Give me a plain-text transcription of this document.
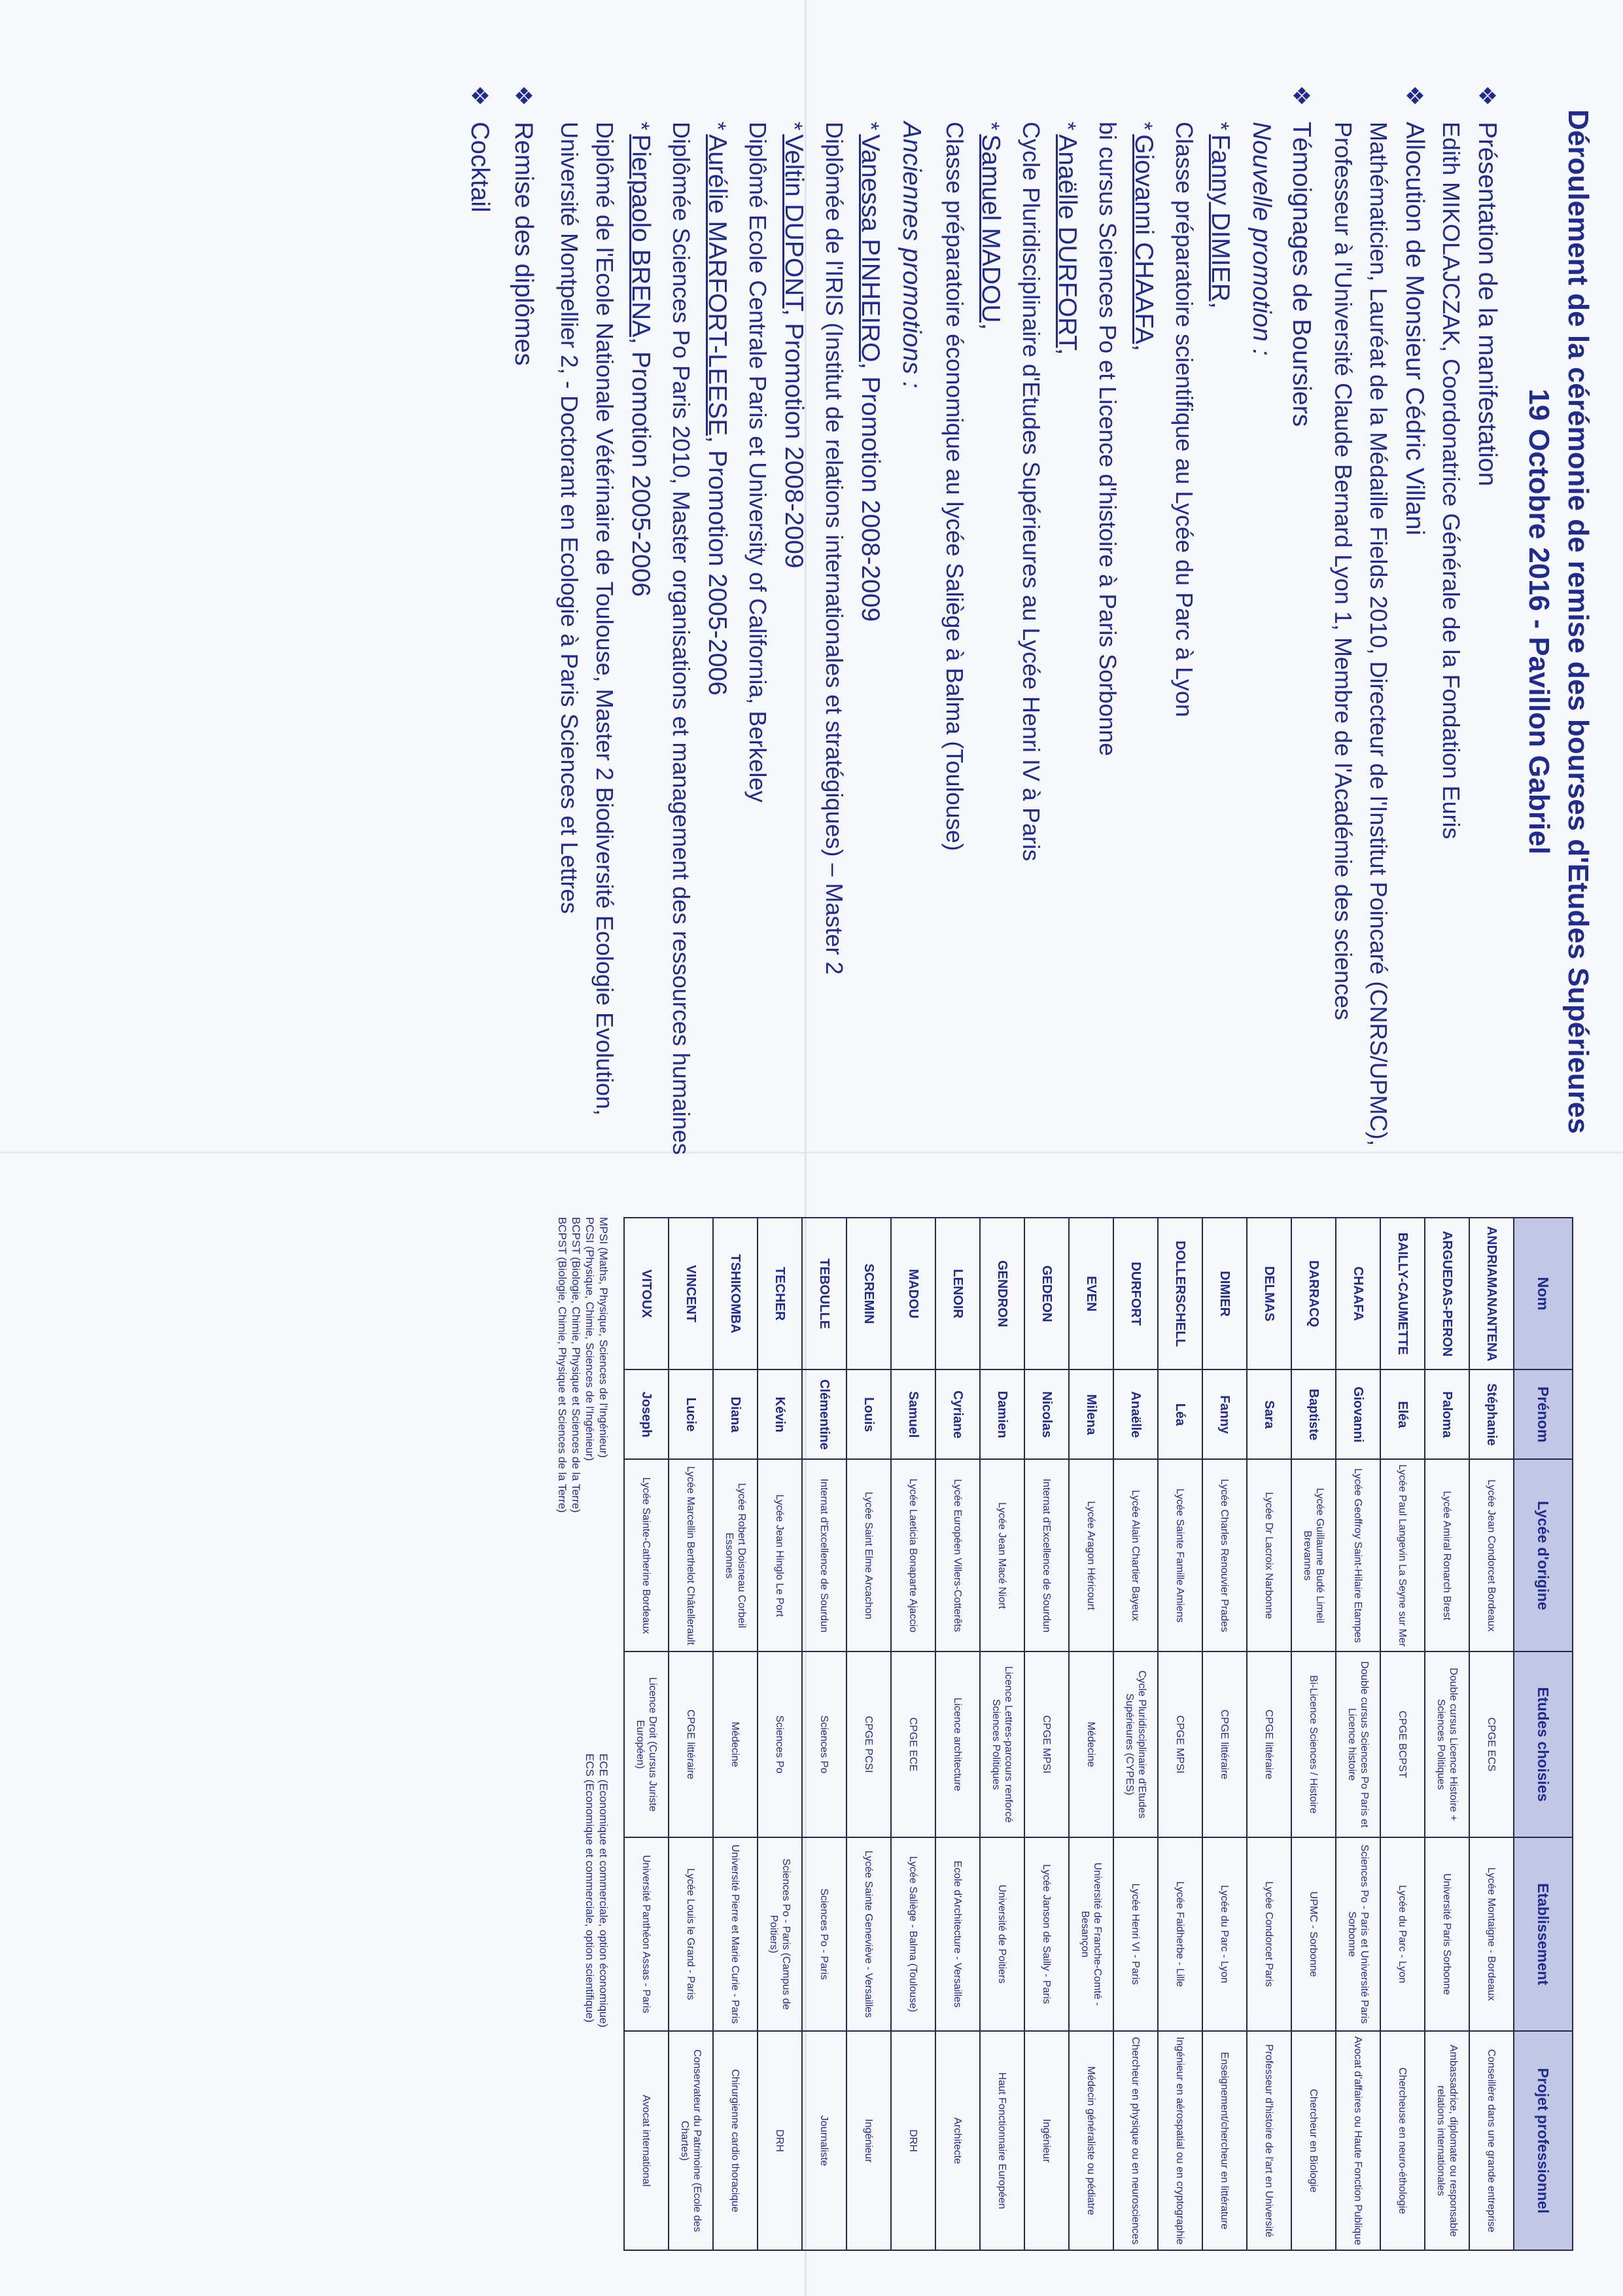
Déroulement de la cérémonie de remise des bourses d'Etudes Supérieures
19 Octobre 2016 - Pavillon Gabriel
❖Présentation de la manifestation
Edith MIKOLAJCZAK, Coordonatrice Générale de la Fondation Euris
❖Allocution de Monsieur Cédric Villani
Mathématicien, Lauréat de la Médaille Fields 2010, Directeur de l'Institut Poincaré (CNRS/UPMC), Professeur à l'Université Claude Bernard Lyon 1, Membre de l'Académie des sciences
❖Témoignages de Boursiers
Nouvelle promotion :
*Fanny DIMIER,
Classe préparatoire scientifique au Lycée du Parc à Lyon
*Giovanni CHAAFA,
bi cursus Sciences Po et Licence d'histoire à Paris Sorbonne
*Anaëlle DURFORT,
Cycle Pluridisciplinaire d'Etudes Supérieures au Lycée Henri IV à Paris
*Samuel MADOU,
Classe préparatoire économique au lycée Saliège à Balma (Toulouse)
Anciennes promotions :
*Vanessa PINHEIRO, Promotion 2008-2009
Diplômée de l'IRIS (Institut de relations internationales et stratégiques) – Master 2
*Veltin DUPONT, Promotion 2008-2009
Diplômé Ecole Centrale Paris et University of California, Berkeley
*Aurélie MARFORT-LEESE, Promotion 2005-2006
Diplômée Sciences Po Paris 2010, Master organisations et management des ressources humaines
*Pierpaolo BRENA, Promotion 2005-2006
Diplômé de l'Ecole Nationale Vétérinaire de Toulouse, Master 2 Biodiversité Ecologie Evolution, Université Montpellier 2, - Doctorant en Ecologie à Paris Sciences et Lettres
❖Remise des diplômes
❖Cocktail
Nom	Prénom	Lycée d'origine	Etudes choisies	Etablissement	Projet professionnel
ANDRIAMANANTENA	Stéphanie	Lycée Jean Condorcet Bordeaux	CPGE ECS	Lycée Montaigne - Bordeaux	Conseillère dans une grande entreprise
ARGUEDAS-PERON	Paloma	Lycée Amiral Ronarch Brest	Double cursus Licence Histoire + Sciences Politiques	Université Paris Sorbonne	Ambassadrice, diplomate ou responsable relations internationales
BAILLY-CAUMETTE	Eléa	Lycée Paul Langevin La Seyne sur Mer	CPGE BCPST	Lycée du Parc - Lyon	Chercheuse en neuro-éthologie
CHAAFA	Giovanni	Lycée Geoffroy Saint-Hilaire Etampes	Double cursus Sciences Po Paris et Licence histoire	Sciences Po - Paris et Université Paris Sorbonne	Avocat d'affaires ou Haute Fonction Publique
DARRACQ	Baptiste	Lycée Guillaume Budé Limeil Brevannes	Bi-Licence Sciences / Histoire	UPMC - Sorbonne	Chercheur en Biologie
DELMAS	Sara	Lycée Dr Lacroix Narbonne	CPGE littéraire	Lycée Condorcet Paris	Professeur d'histoire de l'art en Université
DIMIER	Fanny	Lycée Charles Renouvier Prades	CPGE littéraire	Lycée du Parc - Lyon	Enseignement/chercheur en littérature
DOLLERSCHELL	Léa	Lycée Sainte Famille Amiens	CPGE MPSI	Lycée Faidherbe - Lille	Ingénieur en aérospatial ou en cryptographie
DURFORT	Anaëlle	Lycée Alain Chartier Bayeux	Cycle Pluridisciplinaire d'Etudes Supérieures (CYPES)	Lycée Henri VI - Paris	Chercheur en physique ou en neurosciences
EVEN	Milena	Lycée Aragon Héricourt	Médecine	Université de Franche-Comté - Besançon	Médecin généraliste ou pédiatre
GEDEON	Nicolas	Internat d'Excellence de Sourdun	CPGE MPSI	Lycée Janson de Sailly - Paris	Ingénieur
GENDRON	Damien	Lycée Jean Macé Niort	Licence Lettres-parcours renforcé Sciences Politiques	Université de Poitiers	Haut Fonctionnaire Européen
LENOIR	Cyriane	Lycée Européen Villers-Cotterêts	Licence architecture	Ecole d'Architecture - Versailles	Architecte
MADOU	Samuel	Lycée Laeticia Bonaparte Ajaccio	CPGE ECE	Lycée Saliège - Balma (Toulouse)	DRH
SCREMIN	Louis	Lycée Saint Elme Arcachon	CPGE PCSI	Lycée Sainte Geneviève - Versailles	Ingénieur
TEBOULLE	Clémentine	Internat d'Excellence de Sourdun	Sciences Po	Sciences Po - Paris	Journaliste
TECHER	Kévin	Lycée Jean Hinglo Le Port	Sciences Po	Sciences Po - Paris (Campus de Poitiers)	DRH
TSHIKOMBA	Diana	Lycée Robert Doisneau Corbeil Essonnes	Médecine	Université Pierre et Marie Curie - Paris	Chirurgienne cardio thoracique
VINCENT	Lucie	Lycée Marcellin Berthelot Châtellerault	CPGE littéraire	Lycée Louis le Grand - Paris	Conservateur du Patrimoine (Ecole des Chartes)
VITOUX	Joseph	Lycée Sainte-Catherine Bordeaux	Licence Droit (Cursus Juriste Européen)	Université Panthéon Assas - Paris	Avocat international
MPSI (Maths, Physique, Sciences de l'Ingénieur)
PCSI (Physique, Chimie, Sciences de l'Ingénieur)
BCPST (Biologie, Chimie, Physique et Sciences de la Terre)
BCPST (Biologie, Chimie, Physique et Sciences de la Terre)
ECE (Economique et commerciale, option économique)
ECS (Economique et commerciale, option scientifique)
